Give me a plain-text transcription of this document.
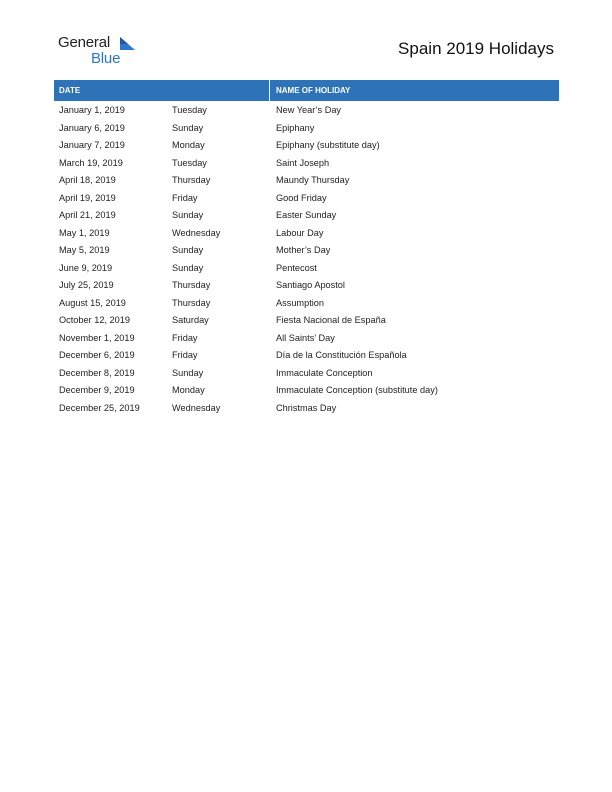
General
Blue
Spain 2019 Holidays
DATE	NAME OF HOLIDAY
January 1, 2019	Tuesday	New Year’s Day
January 6, 2019	Sunday	Epiphany
January 7, 2019	Monday	Epiphany (substitute day)
March 19, 2019	Tuesday	Saint Joseph
April 18, 2019	Thursday	Maundy Thursday
April 19, 2019	Friday	Good Friday
April 21, 2019	Sunday	Easter Sunday
May 1, 2019	Wednesday	Labour Day
May 5, 2019	Sunday	Mother’s Day
June 9, 2019	Sunday	Pentecost
July 25, 2019	Thursday	Santiago Apostol
August 15, 2019	Thursday	Assumption
October 12, 2019	Saturday	Fiesta Nacional de España
November 1, 2019	Friday	All Saints’ Day
December 6, 2019	Friday	Día de la Constitución Española
December 8, 2019	Sunday	Immaculate Conception
December 9, 2019	Monday	Immaculate Conception (substitute day)
December 25, 2019	Wednesday	Christmas Day
